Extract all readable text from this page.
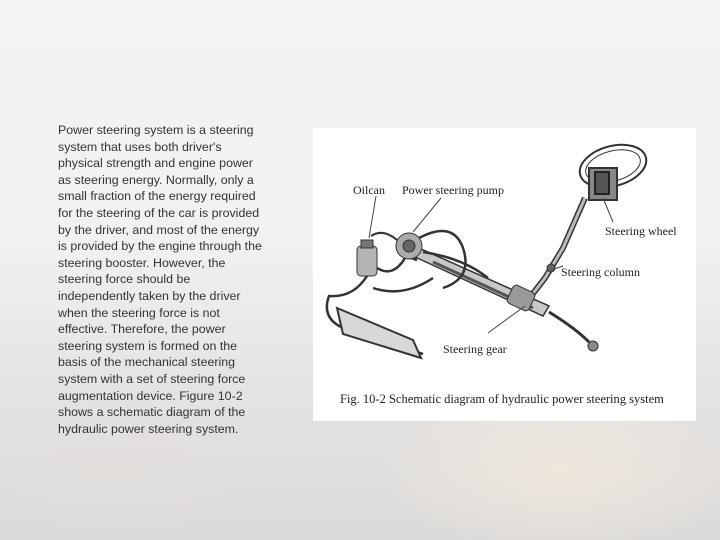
Power steering system is a steering
system that uses both driver's
physical strength and engine power
as steering energy. Normally, only a
small fraction of the energy required
for the steering of the car is provided
by the driver, and most of the energy
is provided by the engine through the
steering booster. However, the
steering force should be
independently taken by the driver
when the steering force is not
effective. Therefore, the power
steering system is formed on the
basis of the mechanical steering
system with a set of steering force
augmentation device. Figure 10-2
shows a schematic diagram of the
hydraulic power steering system.

Oilcan Power steering pump
Steering wheel
Steering column
Steering gear
Fig. 10-2 Schematic diagram of hydraulic power steering system
